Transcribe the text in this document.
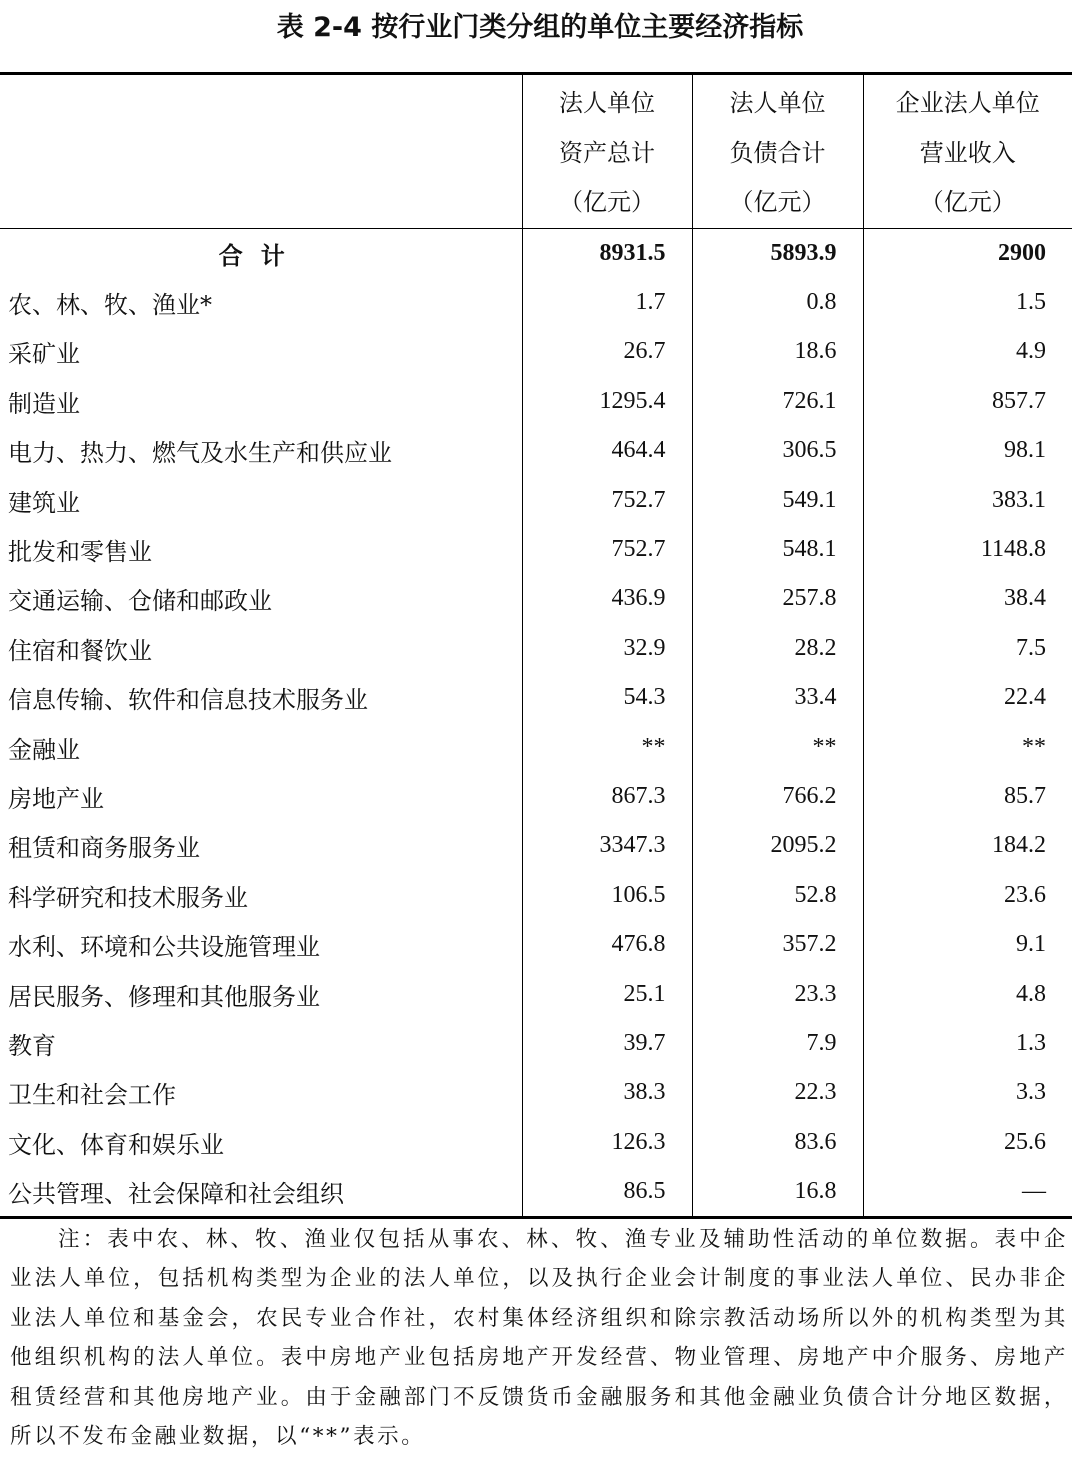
表 2-4 按行业门类分组的单位主要经济指标

	法人单位
资产总计
（亿元）	法人单位
负债合计
（亿元）	企业法人单位
营业收入
（亿元）

合计	8931.5	5893.9	2900
农、林、牧、渔业*	1.7	0.8	1.5
采矿业	26.7	18.6	4.9
制造业	1295.4	726.1	857.7
电力、热力、燃气及水生产和供应业	464.4	306.5	98.1
建筑业	752.7	549.1	383.1
批发和零售业	752.7	548.1	1148.8
交通运输、仓储和邮政业	436.9	257.8	38.4
住宿和餐饮业	32.9	28.2	7.5
信息传输、软件和信息技术服务业	54.3	33.4	22.4
金融业	**	**	**
房地产业	867.3	766.2	85.7
租赁和商务服务业	3347.3	2095.2	184.2
科学研究和技术服务业	106.5	52.8	23.6
水利、环境和公共设施管理业	476.8	357.2	9.1
居民服务、修理和其他服务业	25.1	23.3	4.8
教育	39.7	7.9	1.3
卫生和社会工作	38.3	22.3	3.3
文化、体育和娱乐业	126.3	83.6	25.6
公共管理、社会保障和社会组织	86.5	16.8	—
注：表中农、林、牧、渔业仅包括从事农、林、牧、渔专业及辅助性活动的单位数据。表中企业法人单位，包括机构类型为企业的法人单位，以及执行企业会计制度的事业法人单位、民办非企业法人单位和基金会，农民专业合作社，农村集体经济组织和除宗教活动场所以外的机构类型为其他组织机构的法人单位。表中房地产业包括房地产开发经营、物业管理、房地产中介服务、房地产租赁经营和其他房地产业。由于金融部门不反馈货币金融服务和其他金融业负债合计分地区数据，所以不发布金融业数据，以“**”表示。
